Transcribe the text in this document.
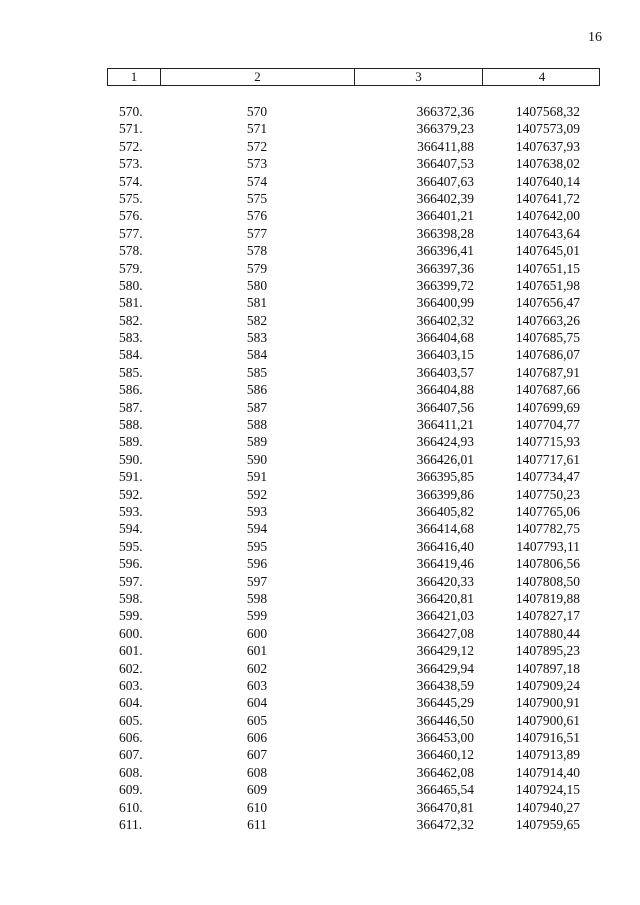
16
1	2	3	4
570.	570	366372,36	1407568,32
571.	571	366379,23	1407573,09
572.	572	366411,88	1407637,93
573.	573	366407,53	1407638,02
574.	574	366407,63	1407640,14
575.	575	366402,39	1407641,72
576.	576	366401,21	1407642,00
577.	577	366398,28	1407643,64
578.	578	366396,41	1407645,01
579.	579	366397,36	1407651,15
580.	580	366399,72	1407651,98
581.	581	366400,99	1407656,47
582.	582	366402,32	1407663,26
583.	583	366404,68	1407685,75
584.	584	366403,15	1407686,07
585.	585	366403,57	1407687,91
586.	586	366404,88	1407687,66
587.	587	366407,56	1407699,69
588.	588	366411,21	1407704,77
589.	589	366424,93	1407715,93
590.	590	366426,01	1407717,61
591.	591	366395,85	1407734,47
592.	592	366399,86	1407750,23
593.	593	366405,82	1407765,06
594.	594	366414,68	1407782,75
595.	595	366416,40	1407793,11
596.	596	366419,46	1407806,56
597.	597	366420,33	1407808,50
598.	598	366420,81	1407819,88
599.	599	366421,03	1407827,17
600.	600	366427,08	1407880,44
601.	601	366429,12	1407895,23
602.	602	366429,94	1407897,18
603.	603	366438,59	1407909,24
604.	604	366445,29	1407900,91
605.	605	366446,50	1407900,61
606.	606	366453,00	1407916,51
607.	607	366460,12	1407913,89
608.	608	366462,08	1407914,40
609.	609	366465,54	1407924,15
610.	610	366470,81	1407940,27
611.	611	366472,32	1407959,65
